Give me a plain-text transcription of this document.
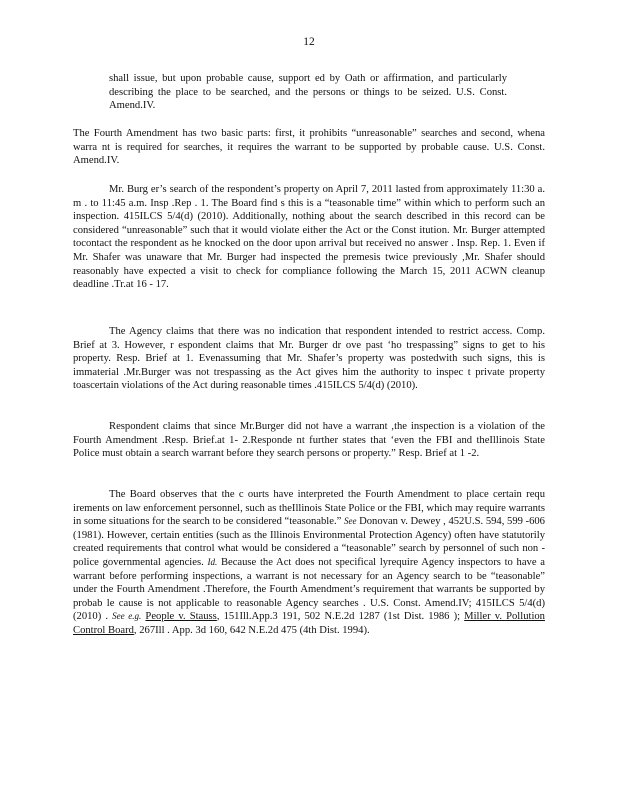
12

shall issue, but upon probable cause, support ed by Oath or affirmation, and particularly describing the place to be searched, and the persons or things to be seized. U.S. Const. Amend.IV.

The Fourth Amendment has two basic parts: first, it prohibits “unreasonable” searches and second, whena warra nt is required for searches, it requires the warrant to be supported by probable cause. U.S. Const. Amend.IV.

Mr. Burg er’s search of the respondent’s property on April 7, 2011 lasted from approximately 11:30 a. m . to 11:45 a.m. Insp .Rep . 1. The Board find s this is a “teasonable time” within which to perform such an inspection. 415ILCS 5/4(d) (2010). Additionally, nothing about the search described in this record can be considered “unreasonable” such that it would violate either the Act or the Const itution. Mr. Burger attempted tocontact the respondent as he knocked on the door upon arrival but received no answer . Insp. Rep. 1. Even if Mr. Shafer was unaware that Mr. Burger had inspected the premesis twice previously ,Mr. Shafer should reasonably have expected a visit to check for compliance following the March 15, 2011 ACWN cleanup deadline .Tr.at 16 - 17.

The Agency claims that there was no indication that respondent intended to restrict access. Comp. Brief at 3. However, r espondent claims that Mr. Burger dr ove past ‘ho trespassing” signs to get to his property. Resp. Brief at 1. Evenassuming that Mr. Shafer’s property was postedwith such signs, this is immaterial .Mr.Burger was not trespassing as the Act gives him the authority to inspec t private property toascertain violations of the Act during reasonable times .415ILCS 5/4(d) (2010).

Respondent claims that since Mr.Burger did not have a warrant ,the inspection is a violation of the Fourth Amendment .Resp. Brief.at 1- 2.Responde nt further states that ‘even the FBI and theIllinois State Police must obtain a search warrant before they search persons or property.” Resp. Brief at 1 -2.

The Board observes that the c ourts have interpreted the Fourth Amendment to place certain requ irements on law enforcement personnel, such as theIllinois State Police or the FBI, which may require warrants in some situations for the search to be considered “teasonable.” See Donovan v. Dewey , 452U.S. 594, 599 -606 (1981). However, certain entities (such as the Illinois Environmental Protection Agency) often have statutorily created requirements that control what would be considered a “teasonable” search by personnel of such non - police governmental agencies. Id. Because the Act does not specifical lyrequire Agency inspectors to have a warrant before performing inspections, a warrant is not necessary for an Agency search to be “teasonable” under the Fourth Amendment .Therefore, the Fourth Amendment’s requirement that warrants be supported by probab le cause is not applicable to reasonable Agency searches . U.S. Const. Amend.IV; 415ILCS 5/4(d) (2010) . See e.g. People v. Stauss, 151Ill.App.3 191, 502 N.E.2d 1287 (1st Dist. 1986 ); Miller v. Pollution Control Board, 267Ill . App. 3d 160, 642 N.E.2d 475 (4th Dist. 1994).
